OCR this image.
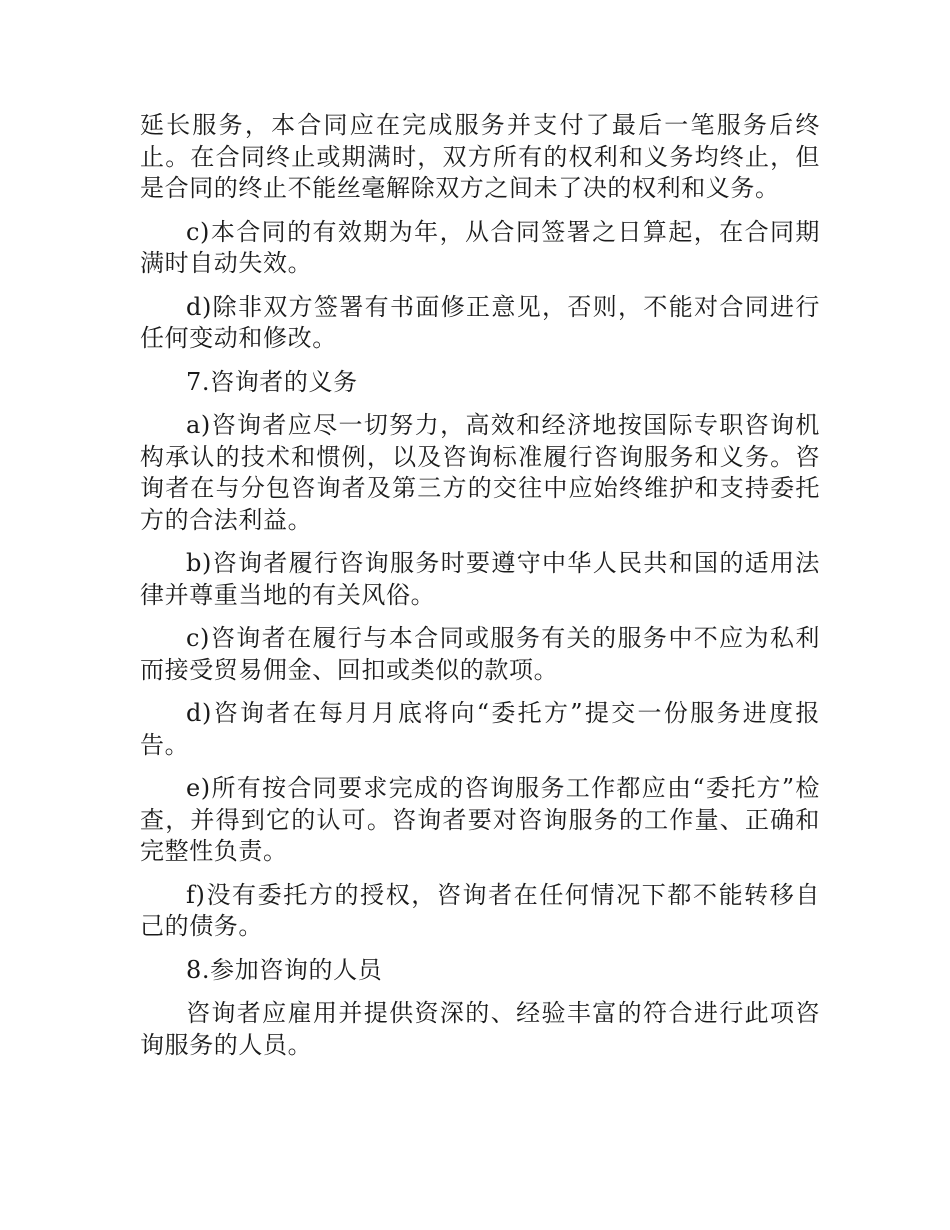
延长服务，本合同应在完成服务并支付了最后一笔服务后终止。在合同终止或期满时，双方所有的权利和义务均终止，但是合同的终止不能丝毫解除双方之间未了决的权利和义务。

c)本合同的有效期为年，从合同签署之日算起，在合同期满时自动失效。

d)除非双方签署有书面修正意见，否则，不能对合同进行任何变动和修改。

7.咨询者的义务

a)咨询者应尽一切努力，高效和经济地按国际专职咨询机构承认的技术和惯例，以及咨询标准履行咨询服务和义务。咨询者在与分包咨询者及第三方的交往中应始终维护和支持委托方的合法利益。

b)咨询者履行咨询服务时要遵守中华人民共和国的适用法律并尊重当地的有关风俗。

c)咨询者在履行与本合同或服务有关的服务中不应为私利而接受贸易佣金、回扣或类似的款项。

d)咨询者在每月月底将向“委托方”提交一份服务进度报告。

e)所有按合同要求完成的咨询服务工作都应由“委托方”检查，并得到它的认可。咨询者要对咨询服务的工作量、正确和完整性负责。

f)没有委托方的授权，咨询者在任何情况下都不能转移自己的债务。

8.参加咨询的人员

咨询者应雇用并提供资深的、经验丰富的符合进行此项咨询服务的人员。
